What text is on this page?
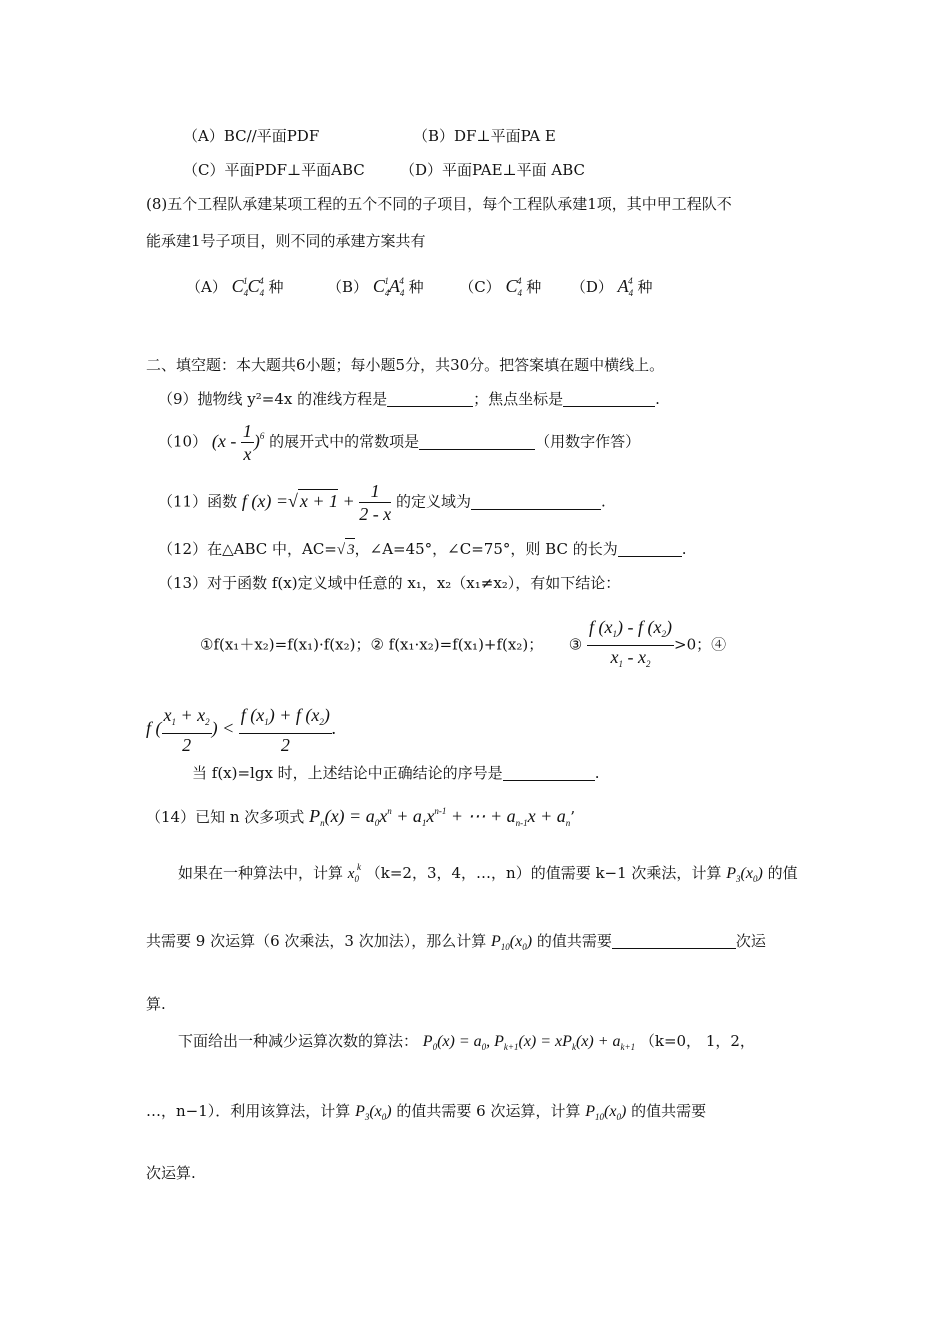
（A）BC//平面PDF	（B）DF⊥平面PA E
（C）平面PDF⊥平面ABC （D）平面PAE⊥平面 ABC
(8)五个工程队承建某项工程的五个不同的子项目，每个工程队承建1项，其中甲工程队不
能承建1号子项目，则不同的承建方案共有
（A） $C_4^1C_4^4$ 种	（B） $C_4^1A_4^4$ 种 （C） $C_4^4$ 种 （D） $A_4^4$ 种
二、填空题：本大题共6小题；每小题5分，共30分。把答案填在题中横线上。
（9）抛物线 y²=4x 的准线方程是	；焦点坐标是	.
（10） $(x - \frac{1}{x} )^6$ 的展开式中的常数项是	（用数字作答）
（11）函数 f (x) =√ $x + 1 + \frac{1}{2 - x}$ 的定义域为	.
（12）在△ABC 中，AC=√ 3，∠A=45°，∠C=75°，则 BC 的长为	.
（13）对于函数 f(x)定义域中任意的 x₁，x₂（x₁≠x₂），有如下结论：
①f(x₁＋x₂)=f(x₁)·f(x₂)；② f(x₁·x₂)=f(x₁)+f(x₂)； ③ $\frac{f (x_1) - f (x_2)}{x_1 - x_2} >0$；④
f ( $\frac{x_1 + x_2}{2}$ ) < $\frac{f (x_1) + f (x_2)}{2}$ .
当 f(x)=lgx 时，上述结论中正确结论的序号是	.
（14）已知 n 次多项式 $P_n(x) = a_0x^n + a_1x^{n-1}$ + ⋯ + $a_{n-1}x + a_n$’
如果在一种算法中，计算 $x_0^k$ （k=2，3，4，…，n）的值需要 k−1 次乘法，计算 $P_3(x_0)$ 的值
共需要 9 次运算（6 次乘法，3 次加法），那么计算 $P_{10}(x_0)$ 的值共需要	次运
算.
下面给出一种减少运算次数的算法： $P_0(x) = a_0$, $P_{k+1}(x) = xP_k(x) + a_{k+1}$ （k=0， 1，2，
…，n−1）．利用该算法，计算 $P_3(x_0)$ 的值共需要 6 次运算，计算 $P_{10}(x_0)$ 的值共需要
次运算.
